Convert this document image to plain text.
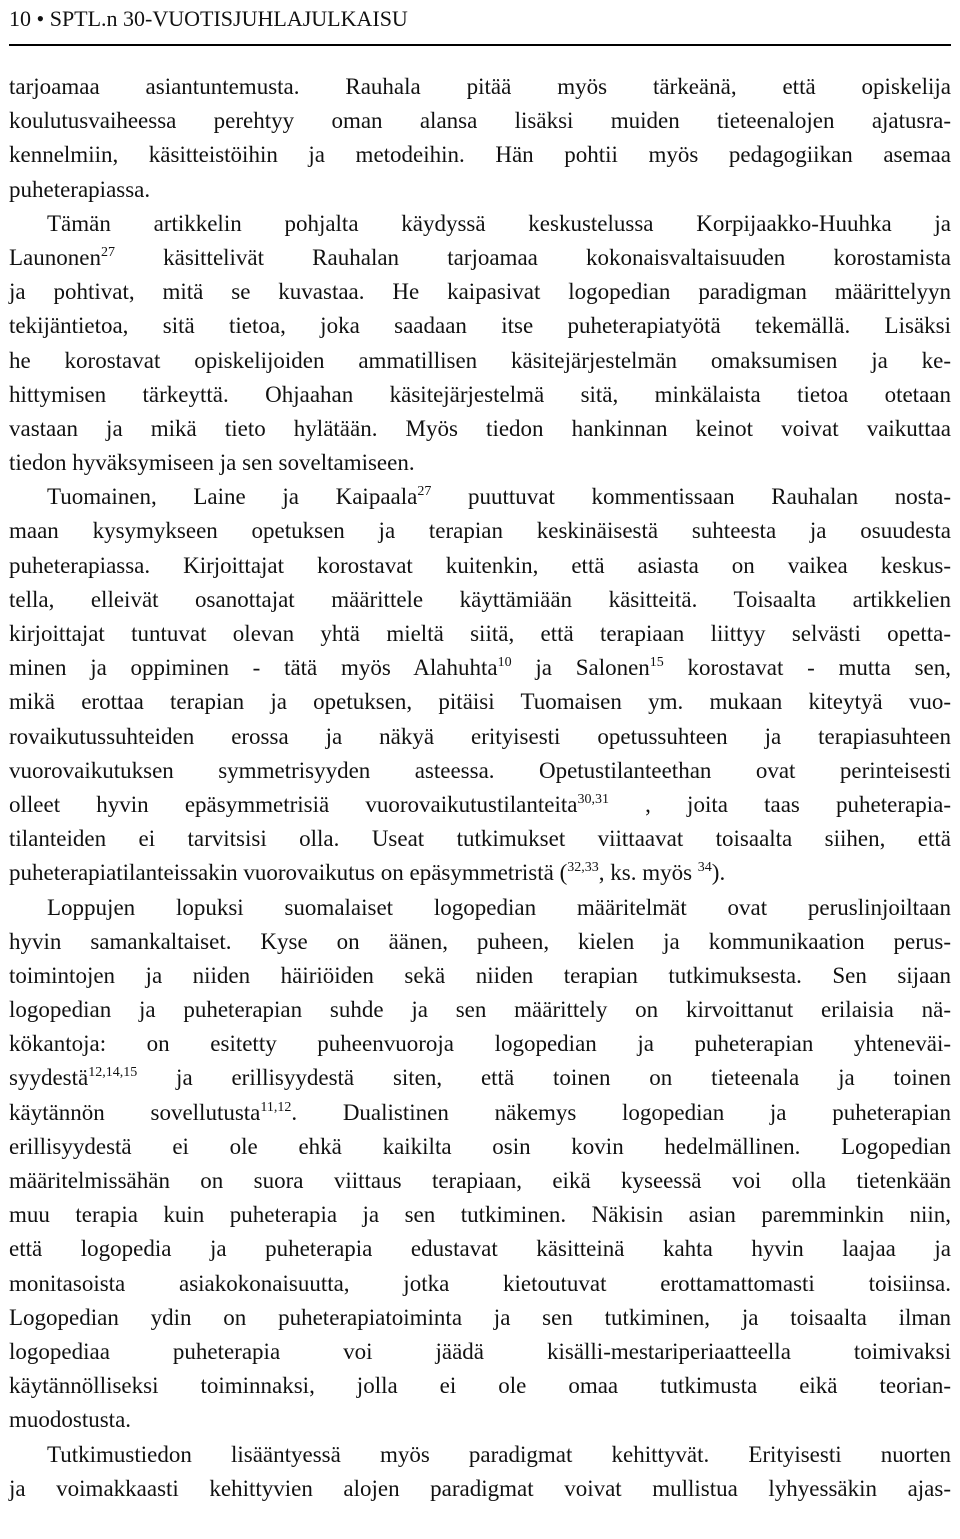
10 • SPTL.n 30-VUOTISJUHLAJULKAISU
tarjoamaa asiantuntemusta. Rauhala pitää myös tärkeänä, että opiskelija
koulutusvaiheessa perehtyy oman alansa lisäksi muiden tieteenalojen ajatusra-
kennelmiin, käsitteistöihin ja metodeihin. Hän pohtii myös pedagogiikan asemaa
puheterapiassa.
Tämän artikkelin pohjalta käydyssä keskustelussa Korpijaakko-Huuhka ja
Launonen$^{27}$ käsittelivät Rauhalan tarjoamaa kokonaisvaltaisuuden korostamista
ja pohtivat, mitä se kuvastaa. He kaipasivat logopedian paradigman määrittelyyn
tekijäntietoa, sitä tietoa, joka saadaan itse puheterapiatyötä tekemällä. Lisäksi
he korostavat opiskelijoiden ammatillisen käsitejärjestelmän omaksumisen ja ke-
hittymisen tärkeyttä. Ohjaahan käsitejärjestelmä sitä, minkälaista tietoa otetaan
vastaan ja mikä tieto hylätään. Myös tiedon hankinnan keinot voivat vaikuttaa
tiedon hyväksymiseen ja sen soveltamiseen.
Tuomainen, Laine ja Kaipaala$^{27}$ puuttuvat kommentissaan Rauhalan nosta-
maan kysymykseen opetuksen ja terapian keskinäisestä suhteesta ja osuudesta
puheterapiassa. Kirjoittajat korostavat kuitenkin, että asiasta on vaikea keskus-
tella, elleivät osanottajat määrittele käyttämiään käsitteitä. Toisaalta artikkelien
kirjoittajat tuntuvat olevan yhtä mieltä siitä, että terapiaan liittyy selvästi opetta-
minen ja oppiminen - tätä myös Alahuhta$^{10}$ ja Salonen$^{15}$ korostavat - mutta sen,
mikä erottaa terapian ja opetuksen, pitäisi Tuomaisen ym. mukaan kiteytyä vuo-
rovaikutussuhteiden erossa ja näkyä erityisesti opetussuhteen ja terapiasuhteen
vuorovaikutuksen symmetrisyyden asteessa. Opetustilanteethan ovat perinteisesti
olleet hyvin epäsymmetrisiä vuorovaikutustilanteita$^{30,31}$ , joita taas puheterapia-
tilanteiden ei tarvitsisi olla. Useat tutkimukset viittaavat toisaalta siihen, että
puheterapiatilanteissakin vuorovaikutus on epäsymmetristä ($^{32,33}$, ks. myös $^{34}$).
Loppujen lopuksi suomalaiset logopedian määritelmät ovat peruslinjoiltaan
hyvin samankaltaiset. Kyse on äänen, puheen, kielen ja kommunikaation perus-
toimintojen ja niiden häiriöiden sekä niiden terapian tutkimuksesta. Sen sijaan
logopedian ja puheterapian suhde ja sen määrittely on kirvoittanut erilaisia nä-
kökantoja: on esitetty puheenvuoroja logopedian ja puheterapian yhteneväi-
syydestä$^{12,14,15}$ ja erillisyydestä siten, että toinen on tieteenala ja toinen
käytännön sovellutusta$^{11,12}$. Dualistinen näkemys logopedian ja puheterapian
erillisyydestä ei ole ehkä kaikilta osin kovin hedelmällinen. Logopedian
määritelmissähän on suora viittaus terapiaan, eikä kyseessä voi olla tietenkään
muu terapia kuin puheterapia ja sen tutkiminen. Näkisin asian paremminkin niin,
että logopedia ja puheterapia edustavat käsitteinä kahta hyvin laajaa ja
monitasoista asiakokonaisuutta, jotka kietoutuvat erottamattomasti toisiinsa.
Logopedian ydin on puheterapiatoiminta ja sen tutkiminen, ja toisaalta ilman
logopediaa puheterapia voi jäädä kisälli-mestariperiaatteella toimivaksi
käytännölliseksi toiminnaksi, jolla ei ole omaa tutkimusta eikä teorian-
muodostusta.
Tutkimustiedon lisääntyessä myös paradigmat kehittyvät. Erityisesti nuorten
ja voimakkaasti kehittyvien alojen paradigmat voivat mullistua lyhyessäkin ajas-
